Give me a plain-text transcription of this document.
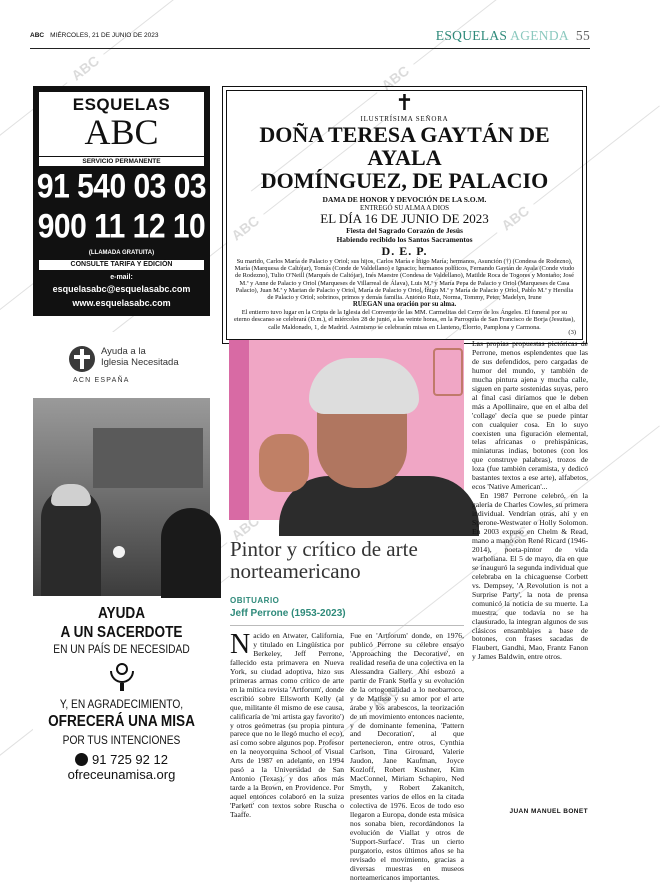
ABC MIÉRCOLES, 21 DE JUNIO DE 2023	ESQUELAS AGENDA 55
ABC	ABC
ABC	ABC
ABC	ABC
ABC
ESQUELAS
ABC
SERVICIO PERMANENTE
91 540 03 03
900 11 12 10
(LLAMADA GRATUITA)
CONSULTE TARIFA Y EDICIÓN
e-mail:
esquelasabc@esquelasabc.com
www.esquelasabc.com
✝
ILUSTRÍSIMA SEÑORA
DOÑA TERESA GAYTÁN DE AYALA
DOMÍNGUEZ, DE PALACIO
DAMA DE HONOR Y DEVOCIÓN DE LA S.O.M.
ENTREGÓ SU ALMA A DIOS
EL DÍA 16 DE JUNIO DE 2023
Fiesta del Sagrado Corazón de Jesús
Habiendo recibido los Santos Sacramentos
D. E. P.
Su marido, Carlos María de Palacio y Oriol; sus hijos, Carlos María e Íñigo María; hermanos, Asunción (†) (Condesa de Rodezno), María (Marquesa de Caltójar), Tomás (Conde de Valdellano) e Ignacio; hermanos políticos, Fernando Gaytán de Ayala (Conde viudo de Rodezno), Tulio O'Neill (Marqués de Caltójar), Inés Maestre (Condesa de Valdellano), Matilde Roca de Togores y Montaño; José M.ª y Anne de Palacio y Oriol (Marqueses de Villarreal de Álava), Luis M.ª y María Pepa de Palacio y Oriol (Marqueses de Casa Palacio), Juan M.ª y Marian de Palacio y Oriol, María de Palacio y Oriol, Íñigo M.ª y María de Palacio y Oriol, Pablo M.ª y Hersilia de Palacio y Oriol; sobrinos, primos y demás familia. Antonio Ruiz, Norma, Tommy, Peter, Madelyn, Irune
RUEGAN una oración por su alma.
El entierro tuvo lugar en la Cripta de la Iglesia del Convento de las MM. Carmelitas del Cerro de los Ángeles. El funeral por su eterno descanso se celebrará (D.m.), el miércoles 28 de junio, a las veinte horas, en la Parroquia de San Francisco de Borja (Jesuitas), calle Maldonado, 1, de Madrid. Asimismo se celebrarán misas en Llanteno, Elorrio, Pamplona y Carmona.
(3)
Ayuda a la
Iglesia Necesitada
ACN ESPAÑA
AYUDA
A UN SACERDOTE
EN UN PAÍS DE NECESIDAD
Y, EN AGRADECIMIENTO,
OFRECERÁ UNA MISA
POR TUS INTENCIONES
91 725 92 12
ofreceunamisa.org
Pintor y crítico de arte norteamericano
OBITUARIO
Jeff Perrone (1953-2023)

Nacido en Atwater, California, y titulado en Lingüística por Berkeley, Jeff Perrone, fallecido esta primavera en Nueva York, su ciudad adoptiva, hizo sus primeras armas como crítico de arte en la mítica revista 'Artforum', donde escribió sobre Ellsworth Kelly (al que, militante él mismo de ese causa, calificaría de 'mi artista gay favorito') y otros geómetras (su propia pintura parece que no le llegó mucho el eco), así como sobre algunos pop. Profesor en la neoyorquina School of Visual Arts de 1987 en adelante, en 1994 pasó a la Universidad de San Antonio (Texas), y dos años más tarde a la Brown, en Providence. Por aquel entonces colaboró en la suiza 'Parkett' con textos sobre Ruscha o Taaffe.

Fue en 'Artforum' donde, en 1976, publicó Perrone su célebre ensayo 'Approaching the Decorative', en realidad reseña de una colectiva en la Alessandra Gallery. Ahí esbozó a partir de Frank Stella y su evolución de la ortogonalidad a lo neobarroco, y de Matisse y su amor por el arte árabe y los arabescos, la teorización de un movimiento entonces naciente, y de dominante femenina, 'Pattern and Decoration', al que pertenecieron, entre otros, Cynthia Carlson, Tina Girouard, Valerie Jaudon, Jane Kaufman, Joyce Kozloff, Robert Kushner, Kim MacConnel, Miriam Schapiro, Ned Smyth, y Robert Zakanitch, presentes varios de ellos en la citada colectiva de 1976. Ecos de todo eso llegaron a Europa, donde esta música nos sonaba bien, recordándonos la evolución de Viallat y otros de 'Support-Surface'. Tras un cierto purgatorio, estos últimos años se ha revisado el movimiento, gracias a diversas muestras en museos norteamericanos importantes.

Las propias propuestas pictóricas de Perrone, menos esplendentes que las de sus defendidos, pero cargadas de humor del mundo, y también de mucha pintura ajena y mucha calle, siguen en parte sostenidas suyas, pero al final casi diríamos que le deben más a Apollinaire, que en el alba del 'collage' decía que se puede pintar con cualquier cosa. En lo suyo coexisten una figuración elemental, telas africanas o prehispánicas, miniaturas indias, botones (con los que construye palabras), trozos de loza (fue también ceramista, y dedicó bastantes textos a ese arte), alfabetos, ecos 'Native American'...

En 1987 Perrone celebró, en la galería de Charles Cowles, su primera individual. Vendrían otras, ahí y en Sperone-Westwater o Holly Solomon. En 2003 expuso en Chelm & Read, mano a mano con René Ricard (1946-2014), poeta-pintor de vida warholiana. El 5 de mayo, día en que se inauguró la segunda individual que celebraba en la chicaguense Corbett vs. Dempsey, 'A Revolution is not a Surprise Party', la nota de prensa comunicó la noticia de su muerte. La muestra, que todavía no se ha clausurado, la integran algunos de sus clásicos ensamblajes a base de botones, con frases sacadas de Flaubert, Gandhi, Mao, Frantz Fanon y James Baldwin, entre otros.

JUAN MANUEL BONET
